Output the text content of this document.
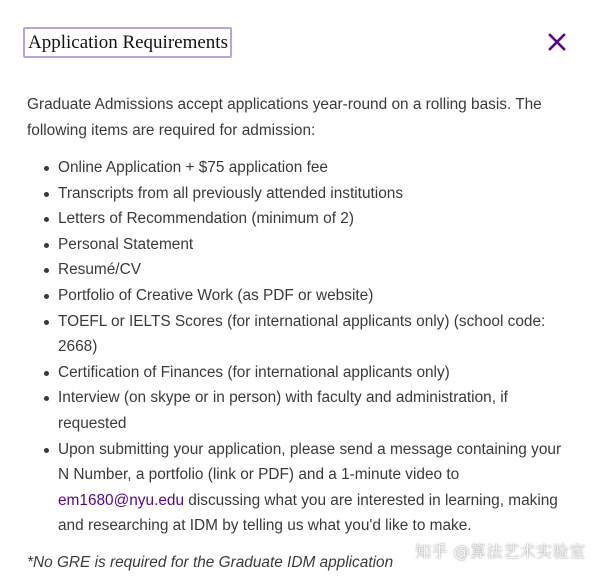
Application Requirements

Graduate Admissions accept applications year-round on a rolling basis. The following items are required for admission:

Online Application + $75 application fee
Transcripts from all previously attended institutions
Letters of Recommendation (minimum of 2)
Personal Statement
Resumé/CV
Portfolio of Creative Work (as PDF or website)
TOEFL or IELTS Scores (for international applicants only) (school code: 2668)
Certification of Finances (for international applicants only)
Interview (on skype or in person) with faculty and administration, if requested
Upon submitting your application, please send a message containing your N Number, a portfolio (link or PDF) and a 1-minute video to em1680@nyu.edu discussing what you are interested in learning, making and researching at IDM by telling us what you'd like to make.
*No GRE is required for the Graduate IDM application
知乎 @算法艺术实验室
